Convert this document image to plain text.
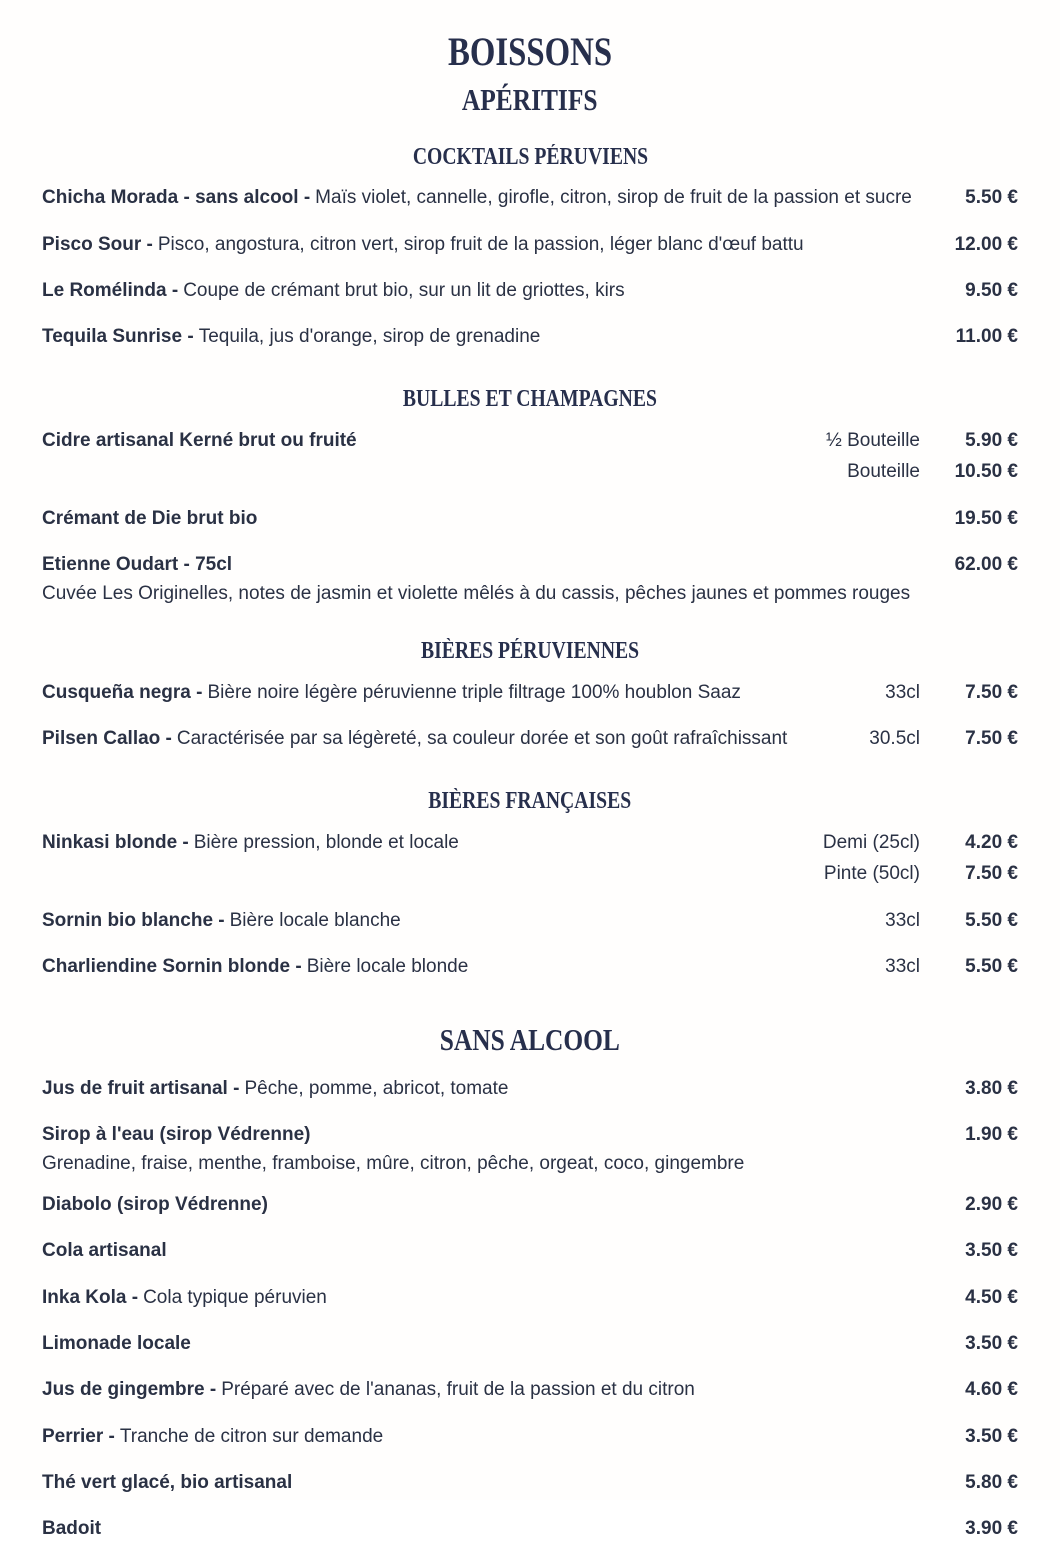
BOISSONS
APÉRITIFS
COCKTAILS PÉRUVIENS
Chicha Morada - sans alcool - Maïs violet, cannelle, girofle, citron, sirop de fruit de la passion et sucre	5.50 €
Pisco Sour - Pisco, angostura, citron vert, sirop fruit de la passion, léger blanc d'œuf battu	12.00 €
Le Romélinda - Coupe de crémant brut bio, sur un lit de griottes, kirs	9.50 €
Tequila Sunrise - Tequila, jus d'orange, sirop de grenadine	11.00 €
BULLES ET CHAMPAGNES
Cidre artisanal Kerné brut ou fruité	½ Bouteille	5.90 €
Bouteille	10.50 €
Crémant de Die brut bio	19.50 €
Etienne Oudart - 75cl	62.00 €
Cuvée Les Originelles, notes de jasmin et violette mêlés à du cassis, pêches jaunes et pommes rouges
BIÈRES PÉRUVIENNES
Cusqueña negra - Bière noire légère péruvienne triple filtrage 100% houblon Saaz	33cl	7.50 €
Pilsen Callao - Caractérisée par sa légèreté, sa couleur dorée et son goût rafraîchissant	30.5cl	7.50 €
BIÈRES FRANÇAISES
Ninkasi blonde - Bière pression, blonde et locale	Demi (25cl)	4.20 €
Pinte (50cl)	7.50 €
Sornin bio blanche - Bière locale blanche	33cl	5.50 €
Charliendine Sornin blonde - Bière locale blonde	33cl	5.50 €
SANS ALCOOL
Jus de fruit artisanal - Pêche, pomme, abricot, tomate	3.80 €
Sirop à l'eau (sirop Védrenne)	1.90 €
Grenadine, fraise, menthe, framboise, mûre, citron, pêche, orgeat, coco, gingembre
Diabolo (sirop Védrenne)	2.90 €
Cola artisanal	3.50 €
Inka Kola - Cola typique péruvien	4.50 €
Limonade locale	3.50 €
Jus de gingembre - Préparé avec de l'ananas, fruit de la passion et du citron	4.60 €
Perrier - Tranche de citron sur demande	3.50 €
Thé vert glacé, bio artisanal	5.80 €
Badoit	3.90 €
